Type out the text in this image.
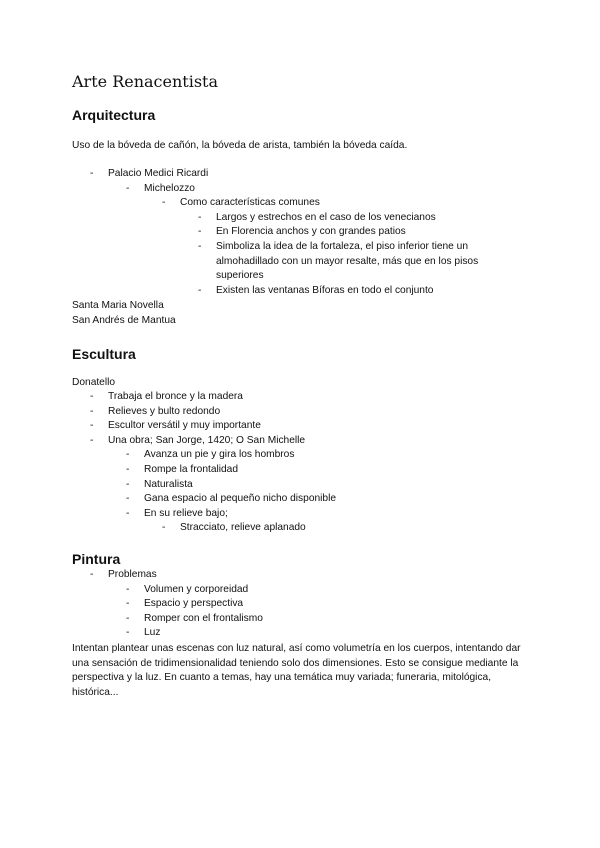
Arte Renacentista
Arquitectura

Uso de la bóveda de cañón, la bóveda de arista, también la bóveda caída.

- Palacio Medici Ricardi
- Michelozzo
- Como características comunes
- Largos y estrechos en el caso de los venecianos
- En Florencia anchos y con grandes patios
- Simboliza la idea de la fortaleza, el piso inferior tiene un almohadillado con un mayor resalte, más que en los pisos superiores
- Existen las ventanas Bíforas en todo el conjunto

Santa Maria Novella

San Andrés de Mantua

Escultura

Donatello

- Trabaja el bronce y la madera
- Relieves y bulto redondo
- Escultor versátil y muy importante
- Una obra; San Jorge, 1420; O San Michelle
- Avanza un pie y gira los hombros
- Rompe la frontalidad
- Naturalista
- Gana espacio al pequeño nicho disponible
- En su relieve bajo;
- Stracciato, relieve aplanado
Pintura
- Problemas
- Volumen y corporeidad
- Espacio y perspectiva
- Romper con el frontalismo
- Luz

Intentan plantear unas escenas con luz natural, así como volumetría en los cuerpos, intentando dar una sensación de tridimensionalidad teniendo solo dos dimensiones. Esto se consigue mediante la perspectiva y la luz. En cuanto a temas, hay una temática muy variada; funeraria, mitológica, histórica...
